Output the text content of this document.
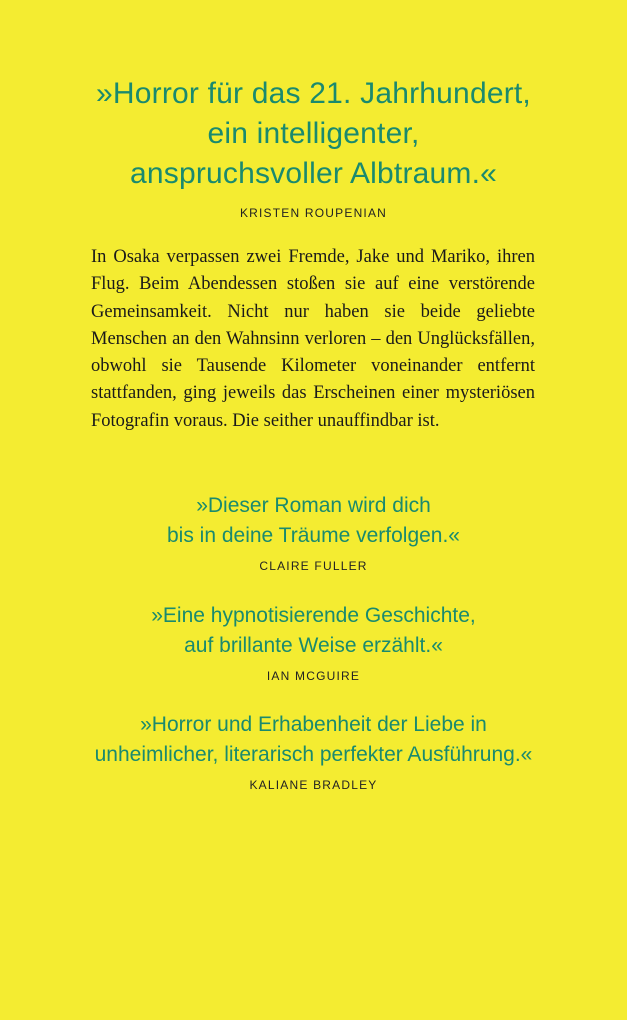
»Horror für das 21. Jahrhundert,
ein intelligenter,
anspruchsvoller Albtraum.«

KRISTEN ROUPENIAN

In Osaka verpassen zwei Fremde, Jake und Mariko, ihren Flug. Beim Abendessen stoßen sie auf eine verstörende Gemeinsamkeit. Nicht nur haben sie beide geliebte Menschen an den Wahnsinn verloren – den Unglücksfällen, obwohl sie Tausende Kilometer voneinander entfernt stattfanden, ging jeweils das Erscheinen einer mysteriösen Fotografin voraus. Die seither unauffindbar ist.

»Dieser Roman wird dich
bis in deine Träume verfolgen.«

CLAIRE FULLER

»Eine hypnotisierende Geschichte,
auf brillante Weise erzählt.«

IAN MCGUIRE

»Horror und Erhabenheit der Liebe in
unheimlicher, literarisch perfekter Ausführung.«

KALIANE BRADLEY
